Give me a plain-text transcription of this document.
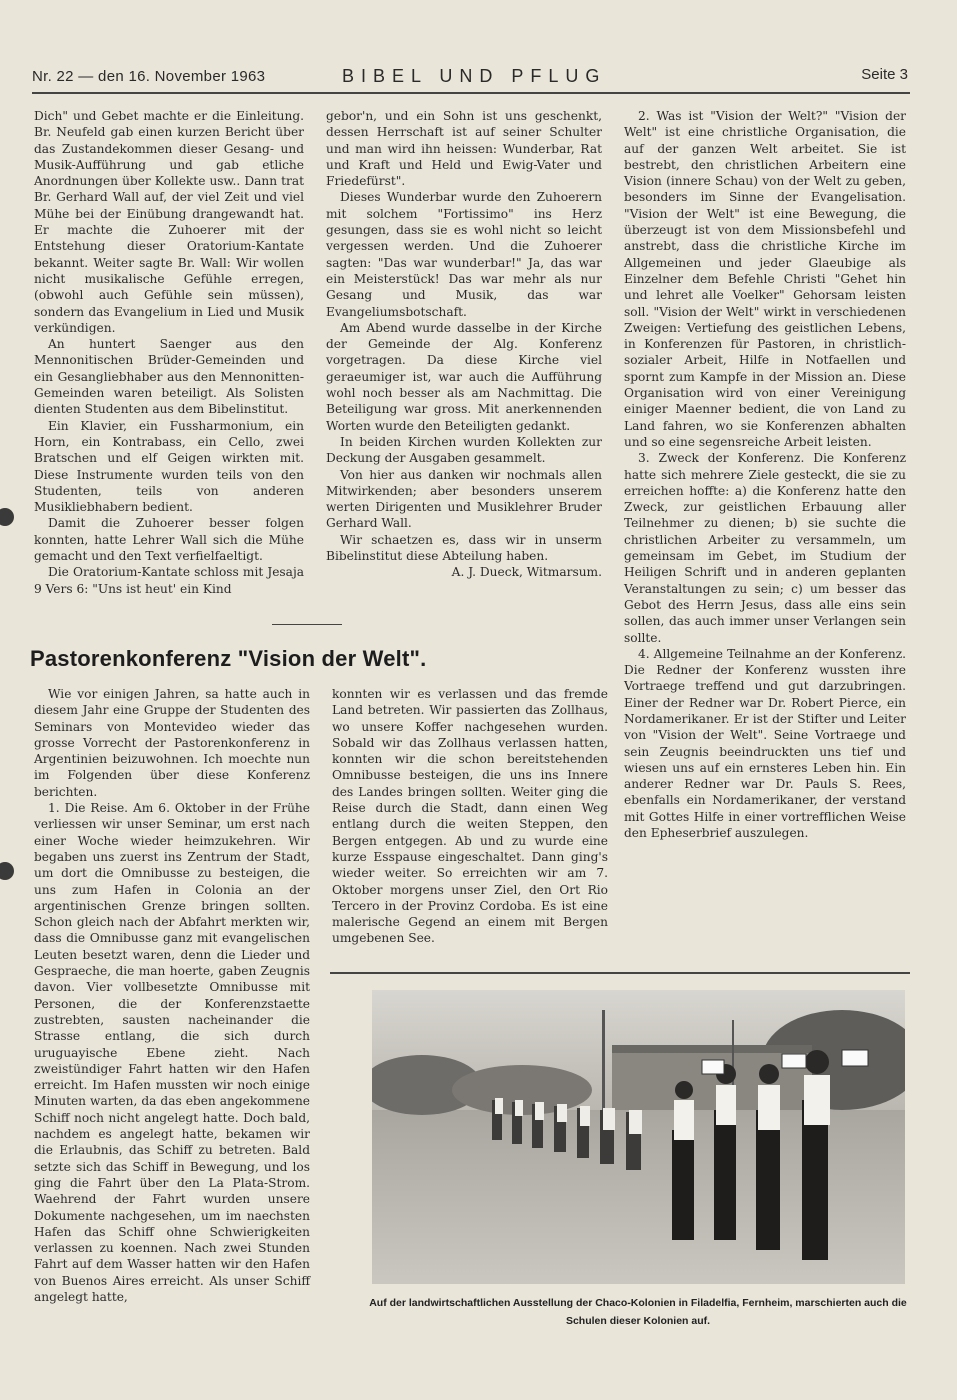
Nr. 22 — den 16. November 1963	BIBEL UND PFLUG	Seite 3

Dich" und Gebet machte er die Einleitung. Br. Neufeld gab einen kurzen Bericht über das Zustandekommen dieser Gesang- und Musik-Aufführung und gab etliche Anordnungen über Kollekte usw.. Dann trat Br. Gerhard Wall auf, der viel Zeit und viel Mühe bei der Einübung drangewandt hat. Er machte die Zuhoerer mit der Entstehung dieser Oratorium-Kantate bekannt. Weiter sagte Br. Wall: Wir wollen nicht musikalische Gefühle erregen, (obwohl auch Gefühle sein müssen), sondern das Evangelium in Lied und Musik verkündigen.

An huntert Saenger aus den Mennonitischen Brüder-Gemeinden und ein Gesangliebhaber aus den Mennonitten-Gemeinden waren beteiligt. Als Solisten dienten Studenten aus dem Bibelinstitut.

Ein Klavier, ein Fussharmonium, ein Horn, ein Kontrabass, ein Cello, zwei Bratschen und elf Geigen wirkten mit. Diese Instrumente wurden teils von den Studenten, teils von anderen Musikliebhabern bedient.

Damit die Zuhoerer besser folgen konnten, hatte Lehrer Wall sich die Mühe gemacht und den Text verfielfaeltigt.

Die Oratorium-Kantate schloss mit Jesaja 9 Vers 6: "Uns ist heut' ein Kind

gebor'n, und ein Sohn ist uns geschenkt, dessen Herrschaft ist auf seiner Schulter und man wird ihn heissen: Wunderbar, Rat und Kraft und Held und Ewig-Vater und Friedefürst".

Dieses Wunderbar wurde den Zuhoerern mit solchem "Fortissimo" ins Herz gesungen, dass sie es wohl nicht so leicht vergessen werden. Und die Zuhoerer sagten: "Das war wunderbar!" Ja, das war ein Meisterstück! Das war mehr als nur Gesang und Musik, das war Evangeliumsbotschaft.

Am Abend wurde dasselbe in der Kirche der Gemeinde der Alg. Konferenz vorgetragen. Da diese Kirche viel geraeumiger ist, war auch die Aufführung wohl noch besser als am Nachmittag. Die Beteiligung war gross. Mit anerkennenden Worten wurde den Beteiligten gedankt.

In beiden Kirchen wurden Kollekten zur Deckung der Ausgaben gesammelt.

Von hier aus danken wir nochmals allen Mitwirkenden; aber besonders unserem werten Dirigenten und Musiklehrer Bruder Gerhard Wall.

Wir schaetzen es, dass wir in unserm Bibelinstitut diese Abteilung haben.

A. J. Dueck, Witmarsum.

Pastorenkonferenz "Vision der Welt".

Wie vor einigen Jahren, sa hatte auch in diesem Jahr eine Gruppe der Studenten des Seminars von Montevideo wieder das grosse Vorrecht der Pastorenkonferenz in Argentinien beizuwohnen. Ich moechte nun im Folgenden über diese Konferenz berichten.

1. Die Reise. Am 6. Oktober in der Frühe verliessen wir unser Seminar, um erst nach einer Woche wieder heimzukehren. Wir begaben uns zuerst ins Zentrum der Stadt, um dort die Omnibusse zu besteigen, die uns zum Hafen in Colonia an der argentinischen Grenze bringen sollten. Schon gleich nach der Abfahrt merkten wir, dass die Omnibusse ganz mit evangelischen Leuten besetzt waren, denn die Lieder und Gespraeche, die man hoerte, gaben Zeugnis davon. Vier vollbesetzte Omnibusse mit Personen, die der Konferenzstaette zustrebten, sausten nacheinander die Strasse entlang, die sich durch uruguayische Ebene zieht. Nach zweistündiger Fahrt hatten wir den Hafen erreicht. Im Hafen mussten wir noch einige Minuten warten, da das eben angekommene Schiff noch nicht angelegt hatte. Doch bald, nachdem es angelegt hatte, bekamen wir die Erlaubnis, das Schiff zu betreten. Bald setzte sich das Schiff in Bewegung, und los ging die Fahrt über den La Plata-Strom. Waehrend der Fahrt wurden unsere Dokumente nachgesehen, um im naechsten Hafen das Schiff ohne Schwierigkeiten verlassen zu koennen. Nach zwei Stunden Fahrt auf dem Wasser hatten wir den Hafen von Buenos Aires erreicht. Als unser Schiff angelegt hatte,

konnten wir es verlassen und das fremde Land betreten. Wir passierten das Zollhaus, wo unsere Koffer nachgesehen wurden. Sobald wir das Zollhaus verlassen hatten, konnten wir die schon bereitstehenden Omnibusse besteigen, die uns ins Innere des Landes bringen sollten. Weiter ging die Reise durch die Stadt, dann einen Weg entlang durch die weiten Steppen, den Bergen entgegen. Ab und zu wurde eine kurze Esspause eingeschaltet. Dann ging's wieder weiter. So erreichten wir am 7. Oktober morgens unser Ziel, den Ort Rio Tercero in der Provinz Cordoba. Es ist eine malerische Gegend an einem mit Bergen umgebenen See.

2. Was ist "Vision der Welt?" "Vision der Welt" ist eine christliche Organisation, die auf der ganzen Welt arbeitet. Sie ist bestrebt, den christlichen Arbeitern eine Vision (innere Schau) von der Welt zu geben, besonders im Sinne der Evangelisation. "Vision der Welt" ist eine Bewegung, die überzeugt ist von dem Missionsbefehl und anstrebt, dass die christliche Kirche im Allgemeinen und jeder Glaeubige als Einzelner dem Befehle Christi "Gehet hin und lehret alle Voelker" Gehorsam leisten soll. "Vision der Welt" wirkt in verschiedenen Zweigen: Vertiefung des geistlichen Lebens, in Konferenzen für Pastoren, in christlich-sozialer Arbeit, Hilfe in Notfaellen und spornt zum Kampfe in der Mission an. Diese Organisation wird von einer Vereinigung einiger Maenner bedient, die von Land zu Land fahren, wo sie Konferenzen abhalten und so eine segensreiche Arbeit leisten.

3. Zweck der Konferenz. Die Konferenz hatte sich mehrere Ziele gesteckt, die sie zu erreichen hoffte: a) die Konferenz hatte den Zweck, zur geistlichen Erbauung aller Teilnehmer zu dienen; b) sie suchte die christlichen Arbeiter zu versammeln, um gemeinsam im Gebet, im Studium der Heiligen Schrift und in anderen geplanten Veranstaltungen zu sein; c) um besser das Gebot des Herrn Jesus, dass alle eins sein sollen, das auch immer unser Verlangen sein sollte.

4. Allgemeine Teilnahme an der Konferenz. Die Redner der Konferenz wussten ihre Vortraege treffend und gut darzubringen. Einer der Redner war Dr. Robert Pierce, ein Nordamerikaner. Er ist der Stifter und Leiter von "Vision der Welt". Seine Vortraege und sein Zeugnis beeindruckten uns tief und wiesen uns auf ein ernsteres Leben hin. Ein anderer Redner war Dr. Pauls S. Rees, ebenfalls ein Nordamerikaner, der verstand mit Gottes Hilfe in einer vortrefflichen Weise den Epheserbrief auszulegen.

Auf der landwirtschaftlichen Ausstellung der Chaco-Kolonien in Filadelfia, Fernheim, marschierten auch die Schulen dieser Kolonien auf.
